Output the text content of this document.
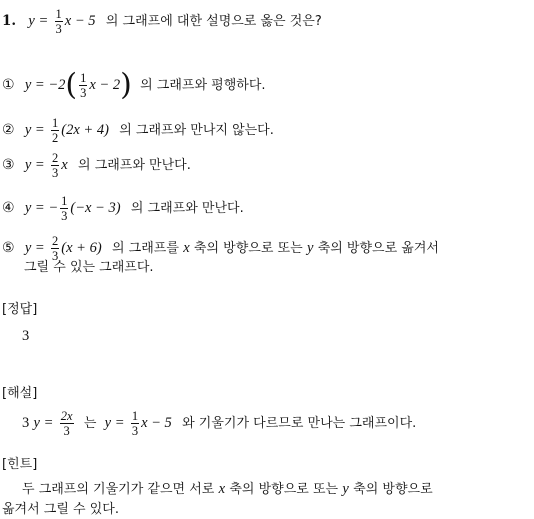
1. $y = \frac{1}{3}$ x − 5 의 그래프에 대한 설명으로 옳은 것은?
① $y = -2( \frac{1}{3}$ x − 2) 의 그래프와 평행하다.
② $y = \frac{1}{2} (2x + 4)$ 의 그래프와 만나지 않는다.
③ $y = \frac{2}{3}$ x 의 그래프와 만난다.
④ y = − $\frac{1}{3} (-x - 3)$ 의 그래프와 만난다.
⑤ $y = \frac{2}{3} (x + 6)$ 의 그래프를 x 축의 방향으로 또는 y 축의 방향으로 옮겨서
그릴 수 있는 그래프다.
[정답]
3
[해설]
3 $y = \frac{2x}{3}$ 는 $y = \frac{1}{3}$ x − 5 와 기울기가 다르므로 만나는 그래프이다.
[힌트]
두 그래프의 기울기가 같으면 서로 x 축의 방향으로 또는 y 축의 방향으로
옮겨서 그릴 수 있다.
